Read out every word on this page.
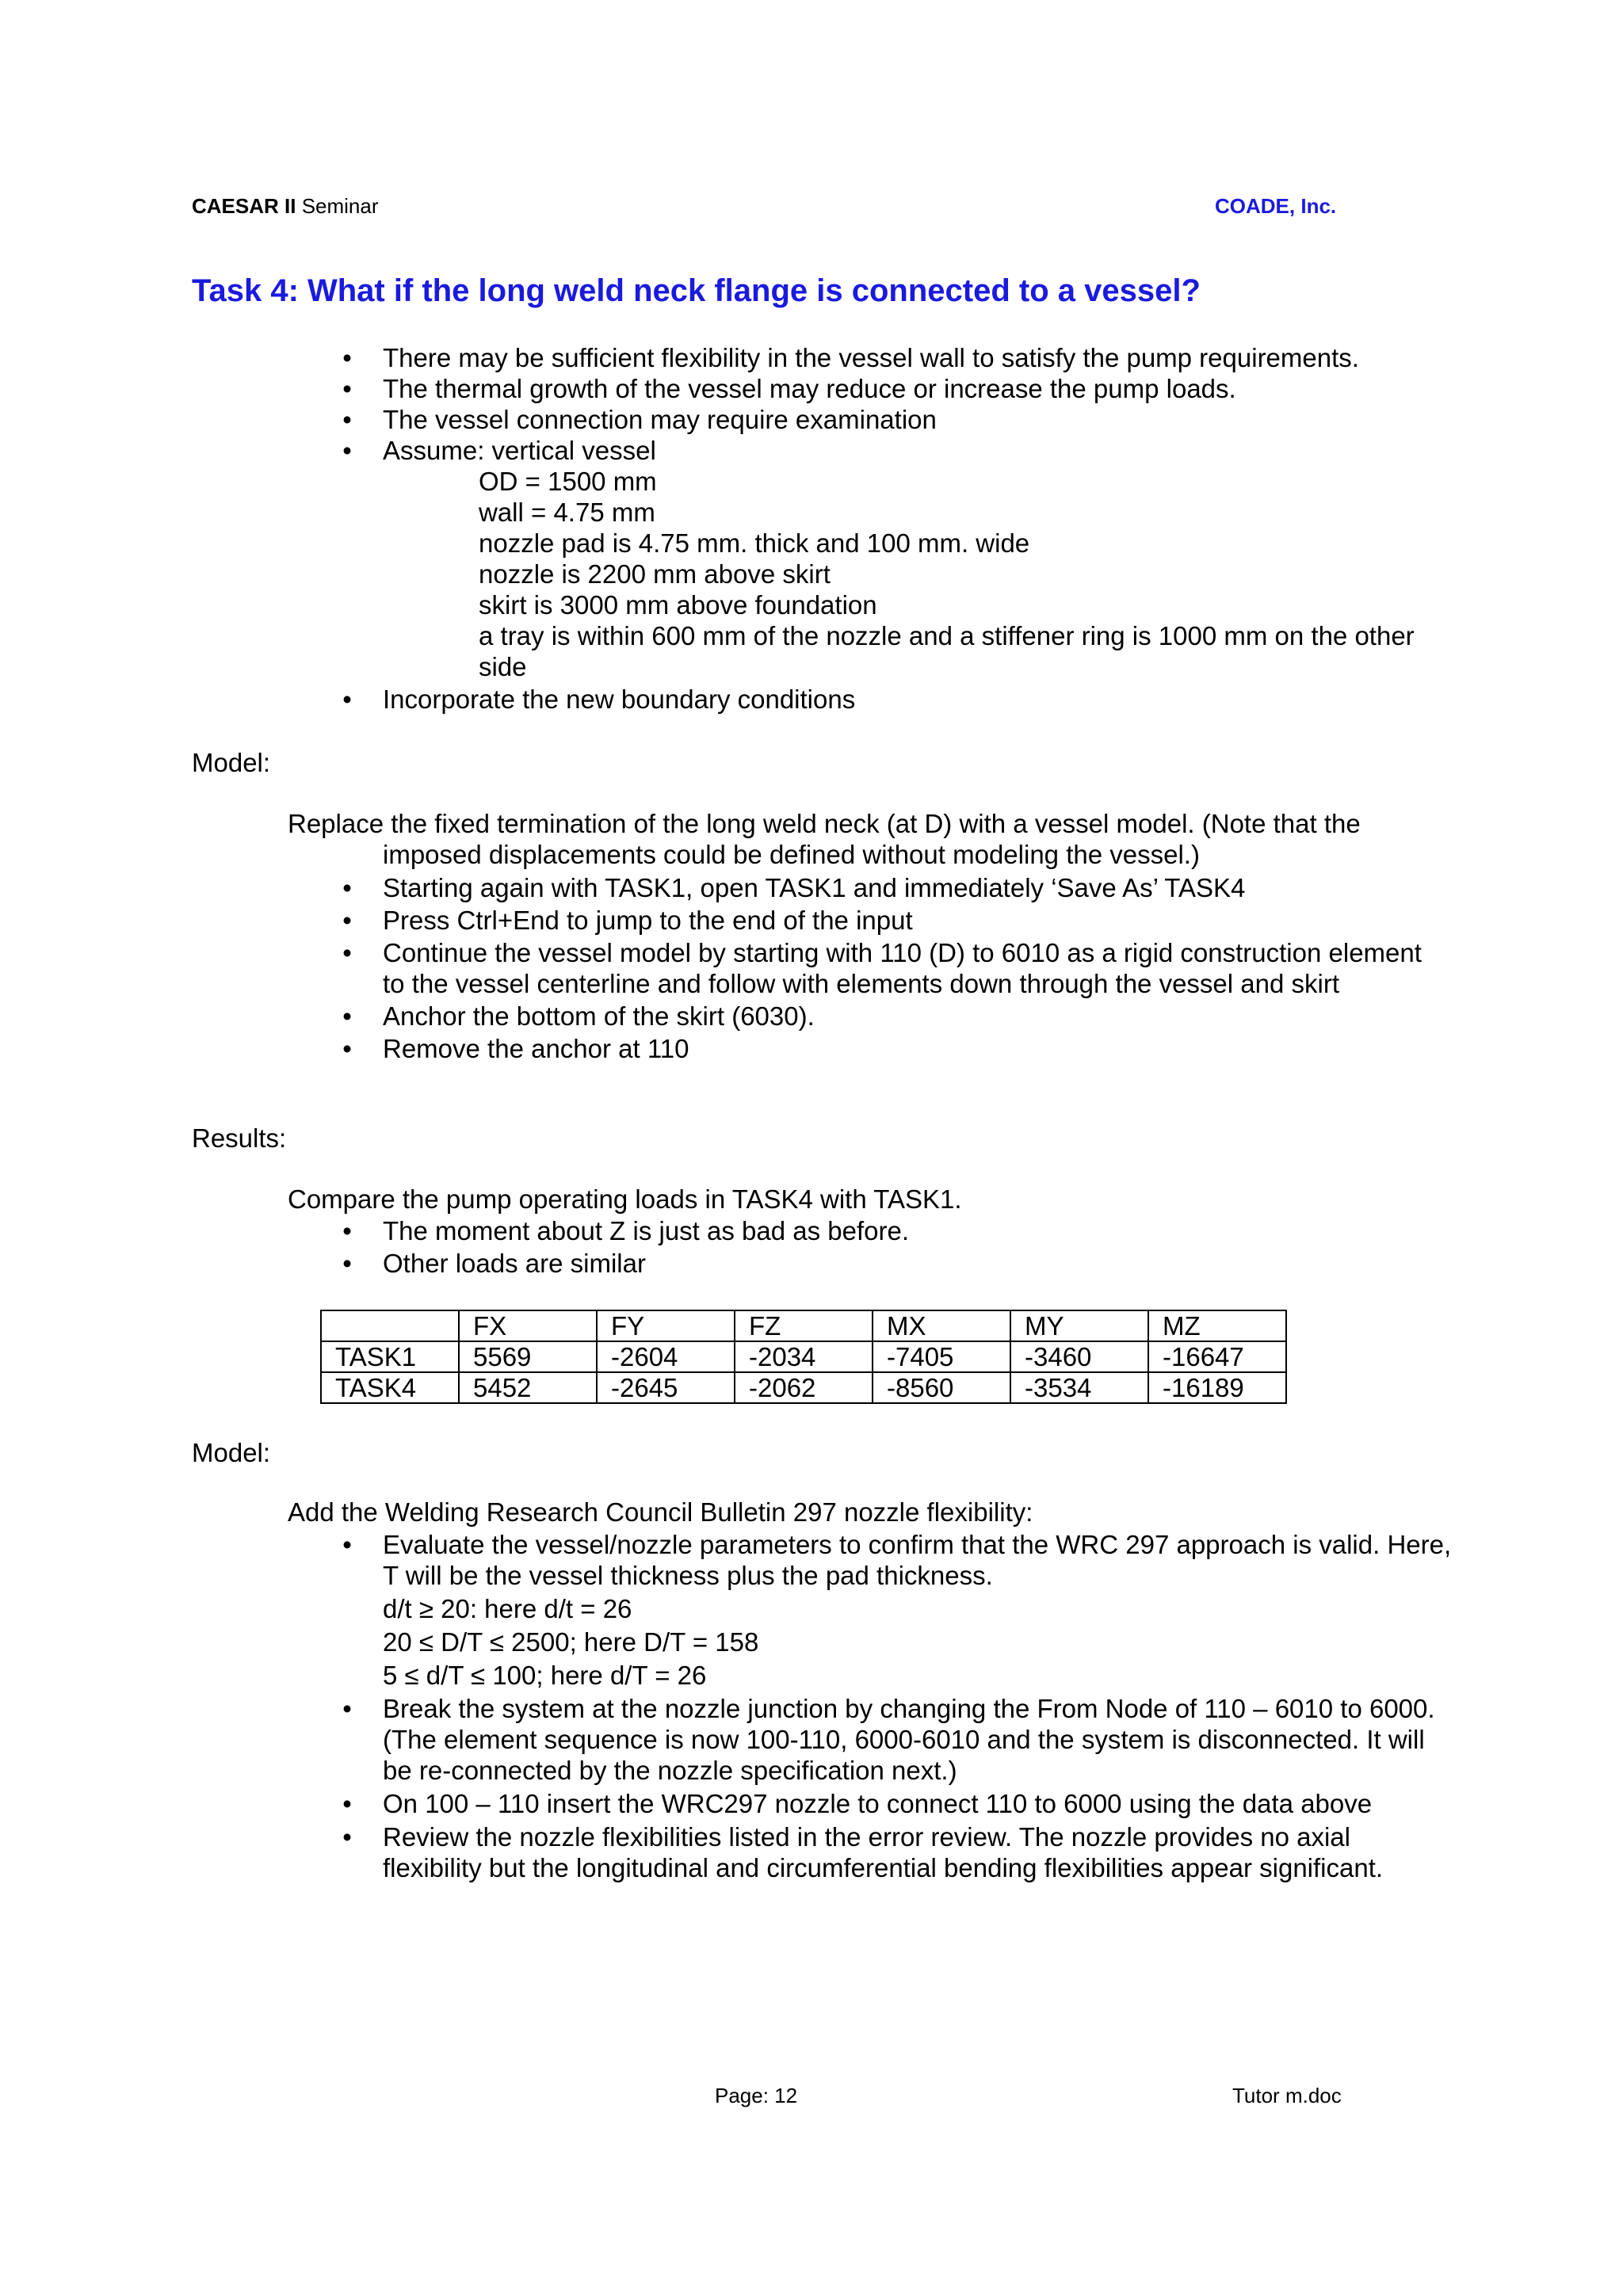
CAESAR II Seminar	COADE, Inc.
Task 4: What if the long weld neck flange is connected to a vessel?
• There may be sufficient flexibility in the vessel wall to satisfy the pump requirements.
• The thermal growth of the vessel may reduce or increase the pump loads.
• The vessel connection may require examination
• Assume: vertical vessel
OD = 1500 mm
wall = 4.75 mm
nozzle pad is 4.75 mm. thick and 100 mm. wide
nozzle is 2200 mm above skirt
skirt is 3000 mm above foundation
a tray is within 600 mm of the nozzle and a stiffener ring is 1000 mm on the other side
• Incorporate the new boundary conditions
Model:
Replace the fixed termination of the long weld neck (at D) with a vessel model. (Note that the
imposed displacements could be defined without modeling the vessel.)
• Starting again with TASK1, open TASK1 and immediately ‘Save As’ TASK4
• Press Ctrl+End to jump to the end of the input
• Continue the vessel model by starting with 110 (D) to 6010 as a rigid construction element to the vessel centerline and follow with elements down through the vessel and skirt
• Anchor the bottom of the skirt (6030).
• Remove the anchor at 110
Results:
Compare the pump operating loads in TASK4 with TASK1.
• The moment about Z is just as bad as before.
• Other loads are similar
	FX	FY	FZ	MX	MY	MZ
TASK1	5569	-2604	-2034	-7405	-3460	-16647
TASK4	5452	-2645	-2062	-8560	-3534	-16189
Model:
Add the Welding Research Council Bulletin 297 nozzle flexibility:
• Evaluate the vessel/nozzle parameters to confirm that the WRC 297 approach is valid. Here, T will be the vessel thickness plus the pad thickness.
d/t ≥ 20: here d/t = 26
20 ≤ D/T ≤ 2500; here D/T = 158
5 ≤ d/T ≤ 100; here d/T = 26
• Break the system at the nozzle junction by changing the From Node of 110 – 6010 to 6000. (The element sequence is now 100-110, 6000-6010 and the system is disconnected. It will be re-connected by the nozzle specification next.)
• On 100 – 110 insert the WRC297 nozzle to connect 110 to 6000 using the data above
• Review the nozzle flexibilities listed in the error review. The nozzle provides no axial flexibility but the longitudinal and circumferential bending flexibilities appear significant.
Page: 12	Tutor m.doc
